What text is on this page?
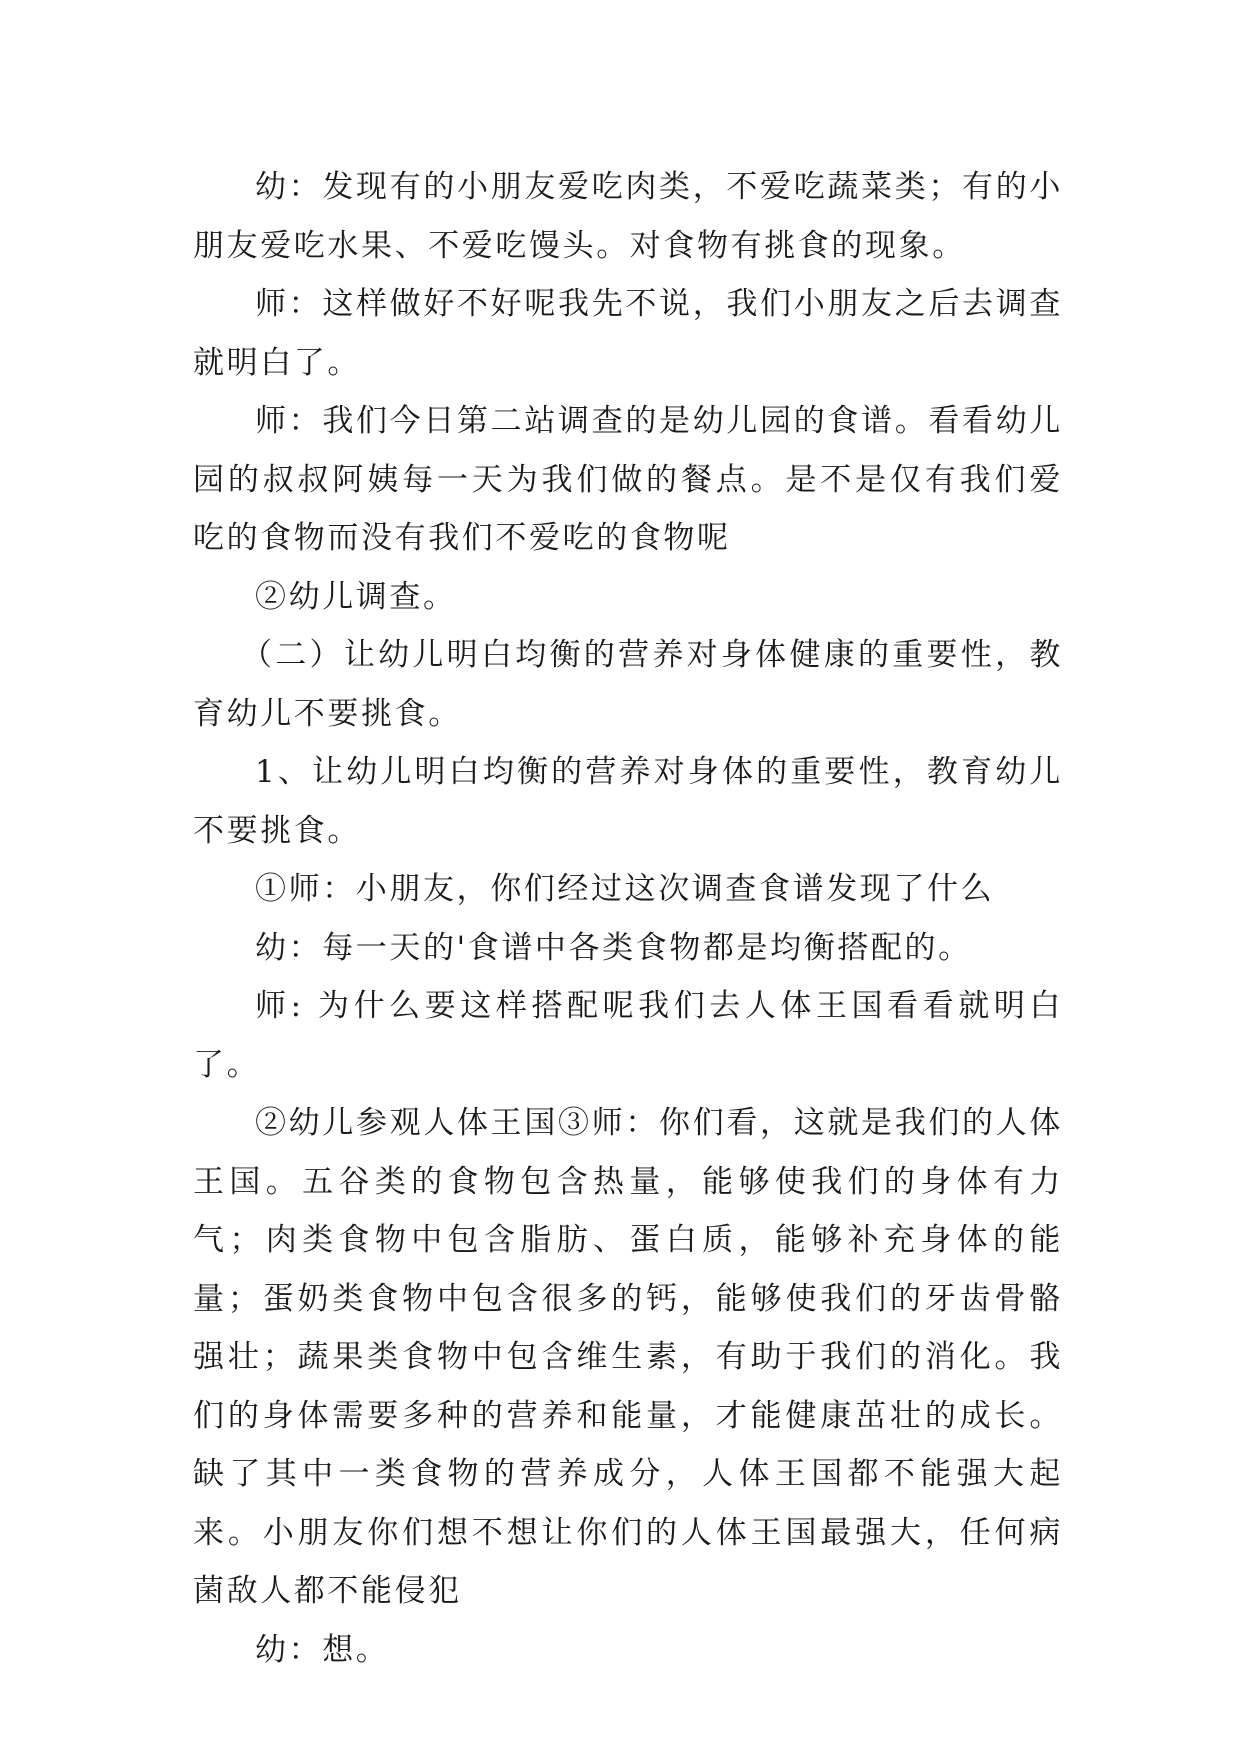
幼：发现有的小朋友爱吃肉类，不爱吃蔬菜类；有的小朋友爱吃水果、不爱吃馒头。对食物有挑食的现象。

师：这样做好不好呢我先不说，我们小朋友之后去调查就明白了。

师：我们今日第二站调查的是幼儿园的食谱。看看幼儿园的叔叔阿姨每一天为我们做的餐点。是不是仅有我们爱吃的食物而没有我们不爱吃的食物呢

②幼儿调查。

（二）让幼儿明白均衡的营养对身体健康的重要性，教育幼儿不要挑食。

1、让幼儿明白均衡的营养对身体的重要性，教育幼儿不要挑食。

①师：小朋友，你们经过这次调查食谱发现了什么

幼：每一天的'食谱中各类食物都是均衡搭配的。

师: 为什么要这样搭配呢我们去人体王国看看就明白了。

②幼儿参观人体王国③师：你们看，这就是我们的人体王国。五谷类的食物包含热量，能够使我们的身体有力气；肉类食物中包含脂肪、蛋白质，能够补充身体的能量；蛋奶类食物中包含很多的钙，能够使我们的牙齿骨骼强壮；蔬果类食物中包含维生素，有助于我们的消化。我们的身体需要多种的营养和能量，才能健康茁壮的成长。缺了其中一类食物的营养成分，人体王国都不能强大起来。小朋友你们想不想让你们的人体王国最强大，任何病菌敌人都不能侵犯

幼：想。
